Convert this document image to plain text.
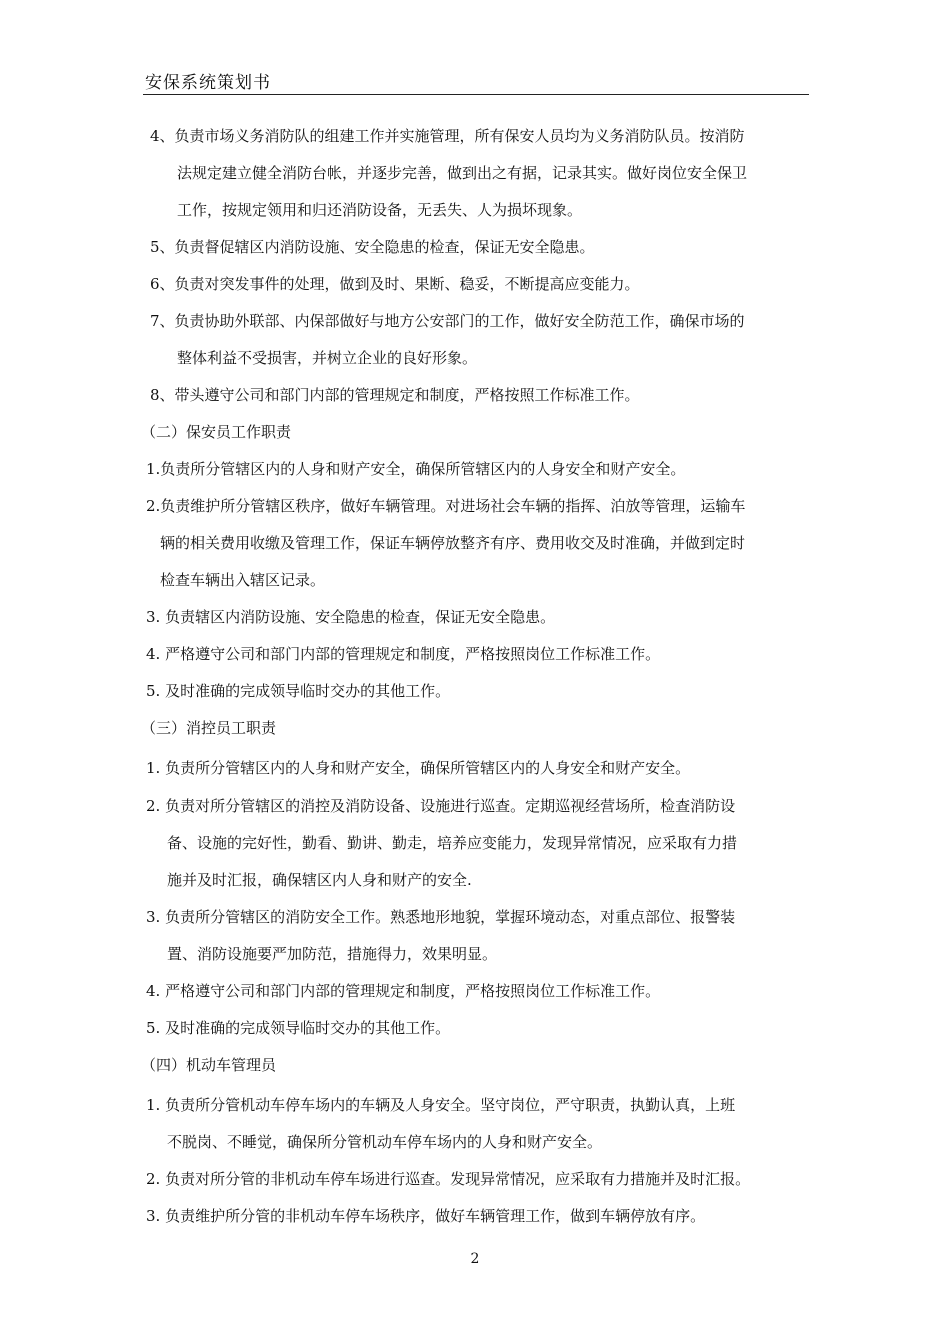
安保系统策划书
4、负责市场义务消防队的组建工作并实施管理，所有保安人员均为义务消防队员。按消防
法规定建立健全消防台帐，并逐步完善，做到出之有据，记录其实。做好岗位安全保卫
工作，按规定领用和归还消防设备，无丢失、人为损坏现象。
5、负责督促辖区内消防设施、安全隐患的检查，保证无安全隐患。
6、负责对突发事件的处理，做到及时、果断、稳妥，不断提高应变能力。
7、负责协助外联部、内保部做好与地方公安部门的工作，做好安全防范工作，确保市场的
整体利益不受损害，并树立企业的良好形象。
8、带头遵守公司和部门内部的管理规定和制度，严格按照工作标准工作。
（二）保安员工作职责
1.负责所分管辖区内的人身和财产安全，确保所管辖区内的人身安全和财产安全。
2.负责维护所分管辖区秩序，做好车辆管理。对进场社会车辆的指挥、泊放等管理，运输车
辆的相关费用收缴及管理工作，保证车辆停放整齐有序、费用收交及时准确，并做到定时
检查车辆出入辖区记录。
3. 负责辖区内消防设施、安全隐患的检查，保证无安全隐患。
4. 严格遵守公司和部门内部的管理规定和制度，严格按照岗位工作标准工作。
5. 及时准确的完成领导临时交办的其他工作。
（三）消控员工职责
1. 负责所分管辖区内的人身和财产安全，确保所管辖区内的人身安全和财产安全。
2. 负责对所分管辖区的消控及消防设备、设施进行巡查。定期巡视经营场所，检查消防设
备、设施的完好性，勤看、勤讲、勤走，培养应变能力，发现异常情况，应采取有力措
施并及时汇报，确保辖区内人身和财产的安全.
3. 负责所分管辖区的消防安全工作。熟悉地形地貌，掌握环境动态，对重点部位、报警装
置、消防设施要严加防范，措施得力，效果明显。
4. 严格遵守公司和部门内部的管理规定和制度，严格按照岗位工作标准工作。
5. 及时准确的完成领导临时交办的其他工作。
（四）机动车管理员
1. 负责所分管机动车停车场内的车辆及人身安全。坚守岗位，严守职责，执勤认真，上班
不脱岗、不睡觉，确保所分管机动车停车场内的人身和财产安全。
2. 负责对所分管的非机动车停车场进行巡查。发现异常情况，应采取有力措施并及时汇报。
3. 负责维护所分管的非机动车停车场秩序，做好车辆管理工作，做到车辆停放有序。
2
